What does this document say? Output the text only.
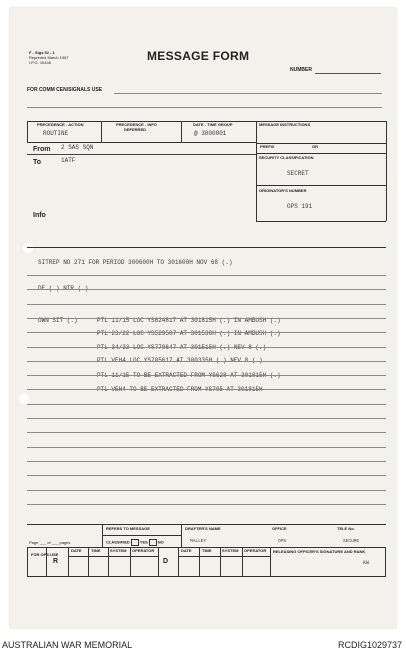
F - Sigs 52 - 1
Reprinted March 1967
I.P.G. 10446	MESSAGE FORM
NUMBER
FOR COMM CEN/SIGNALS USE
PRECEDENCE - ACTION
ROUTINE
PRECEDENCE - INFO
DEFERRED
DATE - TIME GROUP
@ 3000001
MESSAGE INSTRUCTIONS
PREFIX	GR
SECURITY CLASSIFICATION
SECRET
ORIGINATOR'S NUMBER
OPS 191
From 2 SAS SQN
To	1ATF
Info
SITREP NO 271 FOR PERIOD 300600H TO 301600H NOV 68 (.)
DE (.) NTR (.)
OWN SIT (.)	PTL 11/15 LOC YS624817 AT 301815H (.) IN AMBUSH (.)
PTL 23/22 LOC YS529507 AT 301530H (.) IN AMBUSH (.)
PTL 34/33 LOC YS770647 AT 301515H (.) NEV 8 (.)
PTL VEH4 LOC YS705617 AT 300335H (.) NEV 8 (.)
PTL 11/15 TO BE EXTRACTED FROM YS628 AT 301815H (.)
PTL VEH4 TO BE EXTRACTED FROM YS705 AT 301815H
REFERS TO MESSAGE	DRAFTER'S NAME	OFFICE	TELE No.
CLASSIFIED	YES	NO	MALLEY	OPS	SECURE
Page ___ of ___ pages
FOR OPS USE
R	D
DATE TIME SYSTEM OPERATOR	DATE	TIME	SYSTEM OPERATOR RELEASING OFFICER'S SIGNATURE AND RANK
KW
AUSTRALIAN WAR MEMORIAL	RCDIG1029737
